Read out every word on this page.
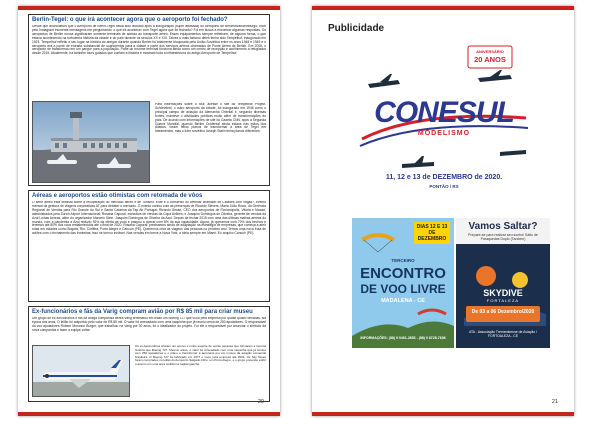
Berlin-Tegel: o que irá acontecer agora que o aeroporto foi fechado?
Desde que anunciamos que o Aeroporto de Berlin-Tegel havia sido fechado após a inauguração (super atrasada) do Aeroporto de Berlim/Brandemburgo, você pelo Instagram inúmeras mensagens me perguntando: o que irá acontecer com Tegel agora que foi fechado? Foi em busca a encontrar algumas respostas. Os aeroportos de Berlim nunca significaram somente terminais de acesso ao transporte aéreo. Esses equipamentos sempre refletiram, de alguma forma, o que estava acontecendo na turbulenta história da cidade e do país durante os séculos XX e XXI. Talvez o mais famoso deles tenha sido Tempelhof, inaugurado em 1923. Tempelhof refletiu o seu lugar na história ao abrigar durante quando Berlim foi totalmente bloqueada pela União Soviética entre os anos 1948 e 1949 e o aeroporto era a ponte de entrada substancial de suprimentos para a cidade e parte dos serviços aéreos chamados de Ponte Aérea de Berlim. Em 2008, o aeroporto de transformou em um parque para a população. Parte do enorme terminal funciona ainda como um centro de recepção e acolhimento a refugiados desde 2015. Atualmente, há também tours guiados que contam a história e mostram toda a infraestrutura do antigo Aeroporto de Tempelhof.
Para informações sobre o tour, acesse o site do Tempelhof Projekt. Schönefeld, o outro aeroporto da cidade, foi inaugurado em 1946 como o principal campo de aviação da Alemanha Oriental e, segundo diversas fontes, manteve o atividades políticas muito além de transformações do país. De acordo com informações de site do Gazeta CNN, após a Segunda Guerra Mundial, quando Berlim Ocidental ainda estava nas mãos dos Aliados, foram feitos planos de transformar a área de Tegel em loteamentos, mas o líder soviético Joseph Stalin tinha planos diferentes.
Aéreas e aeroportos estão otimistas com retomada de vôos
O setor aéreo está otimista sobre a recuperação do mercado aéreo e de Turismo. Este é o consenso do webinar chamado de Cidades com Vagas?, evento mensal da gestora de viagens corporativas AT para debater o mercado. O evento contou com as presenças de Ricardo Sievers, Maria João Rocio, da Gerência Regional de Vendas para Rio Grande do Sul e Santa Catarina da Tap Air Portugal; Ricardo Gesse, CEO dos aeroportos de Florianópolis, Vitória e Macaé, administrados pela Zurich Airport Internacional; Rosana Caporal, executiva de vendas da Copa Airlines; e Joaquim Domingos de Oliveira, gerente de vendas da Azul Linhas Aéreas, além do organizador Marcelo Stein. Joaquim Domingos de Oliveira da Azul: Depois de fechar 2019 com uma das últimas malhas aéreas do mundo, com a pandemia a Azul reduziu 92% da oferta de voos e passou a operar com 8% da sua capacidade. Agora, já operamos com 70% dos trechos e teremos até 80% dos voos restabelecidos até o final de 2020. Rosana Caporal: precisamos ainda de adaptação na estratégia de empresas, que começa a abrir rotas em cidades como Bogotá, Rio, Curitiba, Porto Alegre e Cancun (PE). Queremos criar as viagens das pessoas no próximo ano. Temos uma nova frota de aviões com o fechamento das fronteiras, isso se tornou inviável. Nas vendas em breve a Nova York, a ideia sempre em Miami. Eu arquivo Cancun (PE).
Ex-funcionários e fãs da Varig compram avião por R$ 85 mil para criar museu
Um grupo de ex-funcionários e fãs da antiga companhia aérea Varig arrematou em leilão um Boeing 727 que voou pela empresa por quase quatro décadas. Na época dos anos, O leilão foi adquirido pelo valor de R$ 85 mil. O valor foi arrecadado com uma vaquinha que já reuniu cerca de 250 apoiadores. O responsável do voo apoiadores Rubem Monosor Burger, que trabalhou na Varig por 30 anos, foi o idealizador do projeto. Foi ele o responsável por anunciar o símbolo da nova companhia e fazer a equipe voltar.
Os ex-funcionários criaram um acervo e muito suporte de outras pessoas que formaram a mesma história que Boeing 727. Mesmo antes, o valor foi arrecadado com uma vaquinha que já contou com 250 apoiadores e o plano é transformar a aeronave em um museu da aviação comercial brasileira. O Boeing 727 foi fabricado em 1977 e voou pela empresa até 2004. Os Sky Tapes foram comprados no leilão do Aeroporto Salgado Filho, em Porto Alegre, e o grupo pretende exibir o acervo em uma área cedida na capital gaúcha.
20
Publicidade
ANIVERSÁRIO
20 ANOS
CONESUL
MODELISMO
11, 12 e 13 de DEZEMBRO de 2020.
PONTÃO / RS
DIAS 12 E 13 DE DEZEMBRO
TERCEIRO
ENCONTRO
DE VOO LIVRE
MADALENA - CE
INFORMAÇÕES: (88) 9 9491-2653 - (88) 9 8728-7636
Vamos Saltar?
Prepare-se para realizar seu sonho! Salto de Paraquedas Duplo (Tandem)
SKYDIVE
FORTALEZA
De 03 a 06 Dezembro/2020
ATA - Associação Tremembense de Aviação / FORTOALEZA - CE
21
